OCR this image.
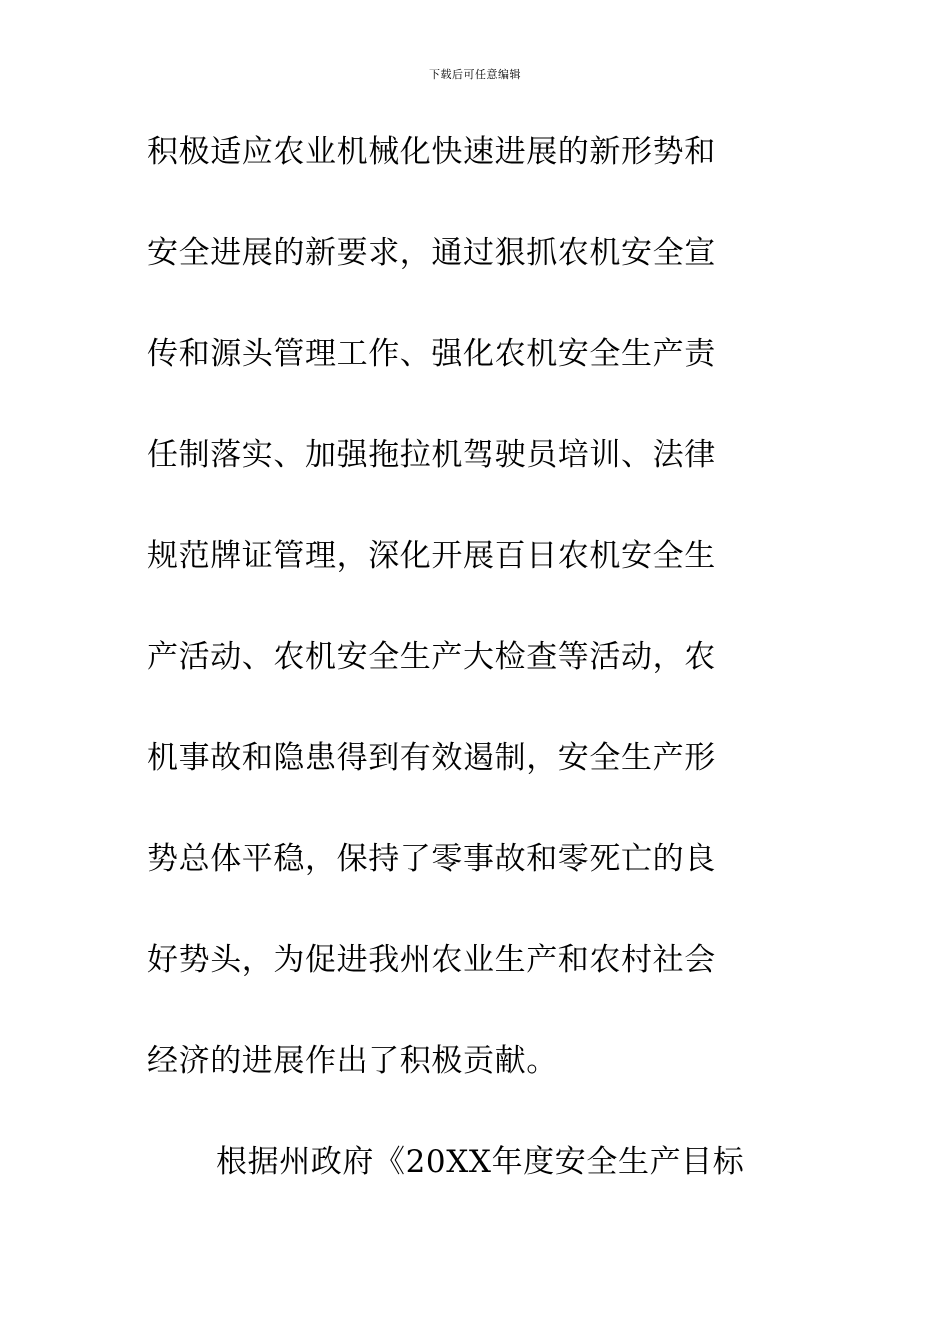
下载后可任意编辑
积极适应农业机械化快速进展的新形势和
安全进展的新要求，通过狠抓农机安全宣
传和源头管理工作、强化农机安全生产责
任制落实、加强拖拉机驾驶员培训、法律
规范牌证管理，深化开展百日农机安全生
产活动、农机安全生产大检查等活动，农
机事故和隐患得到有效遏制，安全生产形
势总体平稳，保持了零事故和零死亡的良
好势头，为促进我州农业生产和农村社会
经济的进展作出了积极贡献。
根据州政府《20XX年度安全生产目标
